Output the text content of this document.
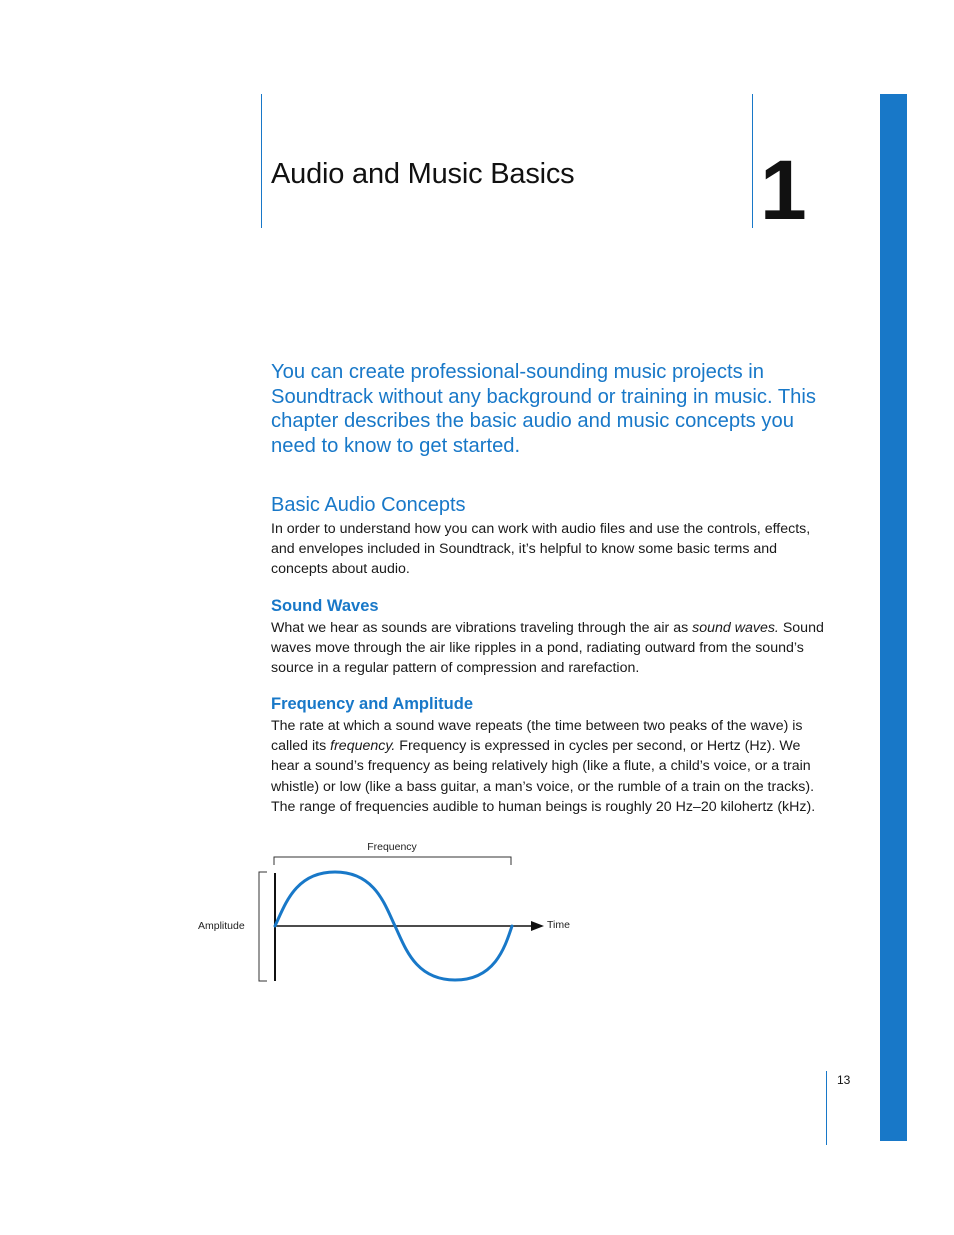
Audio and Music Basics 1

You can create professional-sounding music projects in Soundtrack without any background or training in music. This chapter describes the basic audio and music concepts you need to know to get started.

Basic Audio Concepts

In order to understand how you can work with audio files and use the controls, effects, and envelopes included in Soundtrack, it’s helpful to know some basic terms and concepts about audio.

Sound Waves

What we hear as sounds are vibrations traveling through the air as sound waves. Sound waves move through the air like ripples in a pond, radiating outward from the sound’s source in a regular pattern of compression and rarefaction.

Frequency and Amplitude

The rate at which a sound wave repeats (the time between two peaks of the wave) is called its frequency. Frequency is expressed in cycles per second, or Hertz (Hz). We hear a sound’s frequency as being relatively high (like a flute, a child’s voice, or a train whistle) or low (like a bass guitar, a man’s voice, or the rumble of a train on the tracks). The range of frequencies audible to human beings is roughly 20 Hz–20 kilohertz (kHz).

Frequency
Amplitude	Time
13
